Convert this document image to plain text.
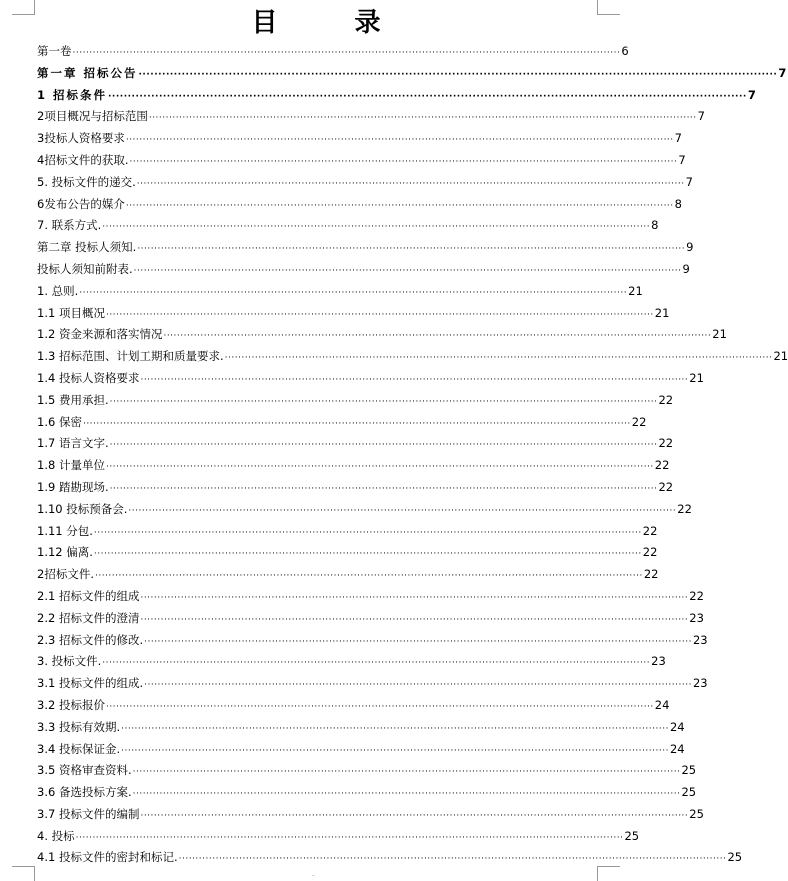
目 录
第一卷 ··································································································································································· 6
第一章 招标公告 ··································································································································································· 7
1 招标条件 ··································································································································································· 7
2项目概况与招标范围 ··································································································································································· 7
3投标人资格要求 ··································································································································································· 7
4招标文件的获取. ··································································································································································· 7
5. 投标文件的递交. ··································································································································································· 7
6发布公告的媒介 ··································································································································································· 8
7. 联系方式. ··································································································································································· 8
第二章 投标人须知. ··································································································································································· 9
投标人须知前附表. ··································································································································································· 9
1. 总则. ··································································································································································· 21
1.1 项目概况 ··································································································································································· 21
1.2 资金来源和落实情况 ··································································································································································· 21
1.3 招标范围、计划工期和质量要求. ··································································································································································· 21
1.4 投标人资格要求 ··································································································································································· 21
1.5 费用承担. ··································································································································································· 22
1.6 保密 ··································································································································································· 22
1.7 语言文字. ··································································································································································· 22
1.8 计量单位 ··································································································································································· 22
1.9 踏勘现场. ··································································································································································· 22
1.10 投标预备会. ··································································································································································· 22
1.11 分包. ··································································································································································· 22
1.12 偏离. ··································································································································································· 22
2招标文件. ··································································································································································· 22
2.1 招标文件的组成 ··································································································································································· 22
2.2 招标文件的澄清 ··································································································································································· 23
2.3 招标文件的修改. ··································································································································································· 23
3. 投标文件. ··································································································································································· 23
3.1 投标文件的组成. ··································································································································································· 23
3.2 投标报价 ··································································································································································· 24
3.3 投标有效期. ··································································································································································· 24
3.4 投标保证金. ··································································································································································· 24
3.5 资格审查资料. ··································································································································································· 25
3.6 备选投标方案. ··································································································································································· 25
3.7 投标文件的编制 ··································································································································································· 25
4. 投标 ··································································································································································· 25
4.1 投标文件的密封和标记. ··································································································································································· 25
.
